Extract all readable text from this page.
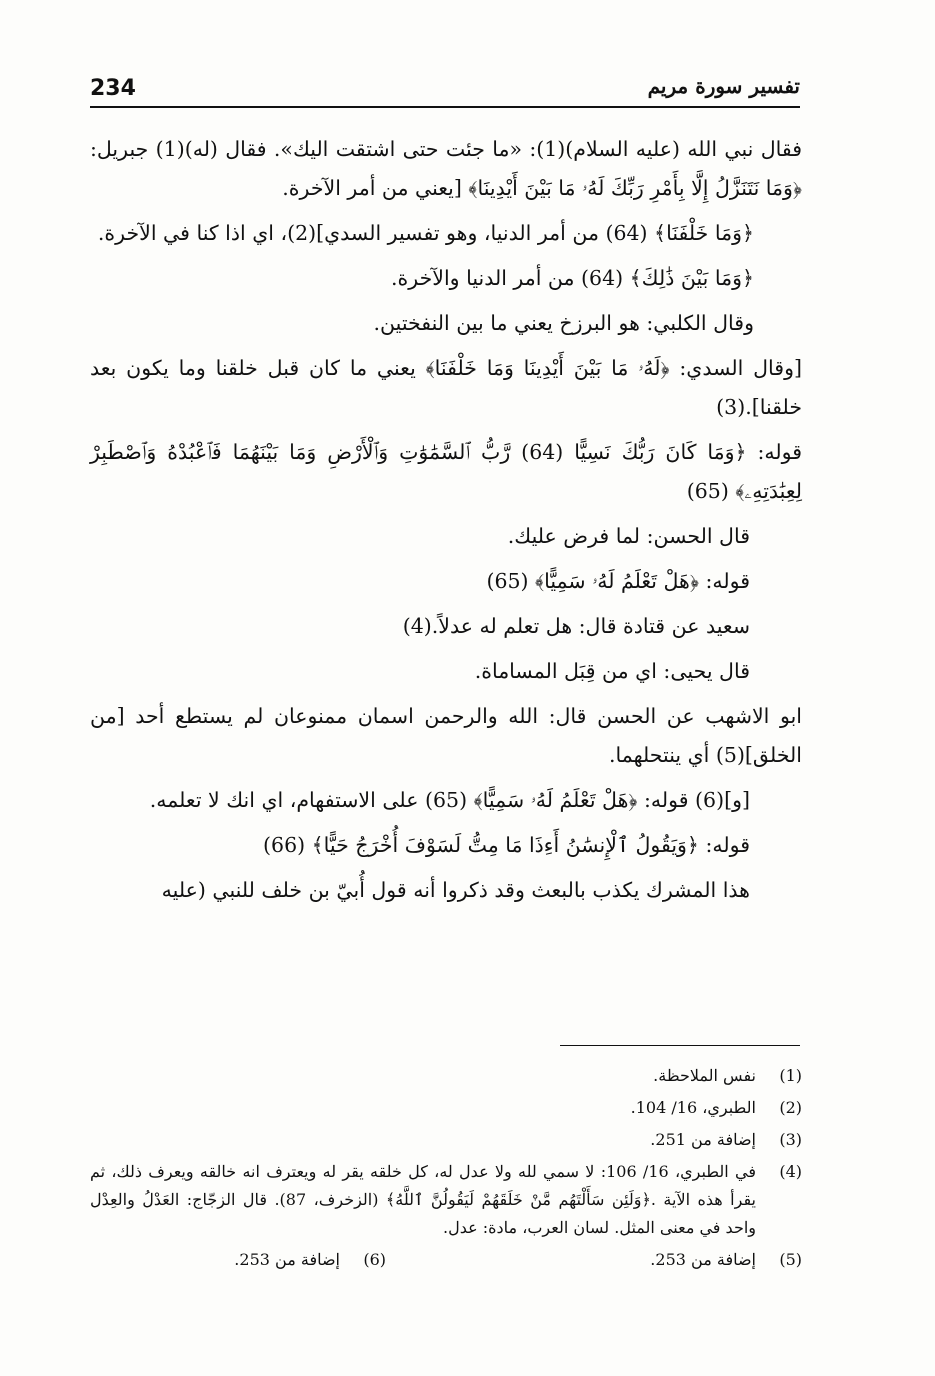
234	تفسير سورة مريم

فقال نبي الله (عليه السلام)(1): «ما جئت حتى اشتقت اليك». فقال (له)(1) جبريل: ﴿وَمَا نَتَنَزَّلُ إِلَّا بِأَمْرِ رَبِّكَ لَهُۥ مَا بَيْنَ أَيْدِينَا﴾ [يعني من أمر الآخرة.

﴿وَمَا خَلْفَنَا﴾ (64) من أمر الدنيا، وهو تفسير السدي](2)، اي اذا كنا في الآخرة.

﴿وَمَا بَيْنَ ذَٰلِكَ﴾ (64) من أمر الدنيا والآخرة.

وقال الكلبي: هو البرزخ يعني ما بين النفختين.

[وقال السدي: ﴿لَهُۥ مَا بَيْنَ أَيْدِينَا وَمَا خَلْفَنَا﴾ يعني ما كان قبل خلقنا وما يكون بعد خلقنا].(3)

قوله: ﴿وَمَا كَانَ رَبُّكَ نَسِيًّا (64) رَّبُّ ٱلسَّمَٰوَٰتِ وَٱلْأَرْضِ وَمَا بَيْنَهُمَا فَٱعْبُدْهُ وَٱصْطَبِرْ لِعِبَٰدَتِهِۦ﴾ (65)

قال الحسن: لما فرض عليك.

قوله: ﴿هَلْ تَعْلَمُ لَهُۥ سَمِيًّا﴾ (65)

سعيد عن قتادة قال: هل تعلم له عدلاً.(4)

قال يحيى: اي من قِبَل المساماة.

ابو الاشهب عن الحسن قال: الله والرحمن اسمان ممنوعان لم يستطع أحد [من الخلق](5) أي ينتحلهما.

[و](6) قوله: ﴿هَلْ تَعْلَمُ لَهُۥ سَمِيًّا﴾ (65) على الاستفهام، اي انك لا تعلمه.

قوله: ﴿وَيَقُولُ ٱلْإِنسَٰنُ أَءِذَا مَا مِتُّ لَسَوْفَ أُخْرَجُ حَيًّا﴾ (66)

هذا المشرك يكذب بالبعث وقد ذكروا أنه قول أُبيّ بن خلف للنبي (عليه

(1)
نفس الملاحظة.
(2)
الطبري، 16/ 104.
(3)
إضافة من 251.
(4)
في الطبري، 16/ 106: لا سمي لله ولا عدل له، كل خلقه يقر له ويعترف انه خالقه ويعرف ذلك، ثم يقرأ هذه الآية .﴿وَلَئِن سَأَلْتَهُم مَّنْ خَلَقَهُمْ لَيَقُولُنَّ ٱللَّهُ﴾ (الزخرف، 87). قال الزجّاج: العَدْلُ والعِدْل واحد في معنى المثل. لسان العرب، مادة: عدل.
(5)
إضافة من 253.
(6)
إضافة من 253.
